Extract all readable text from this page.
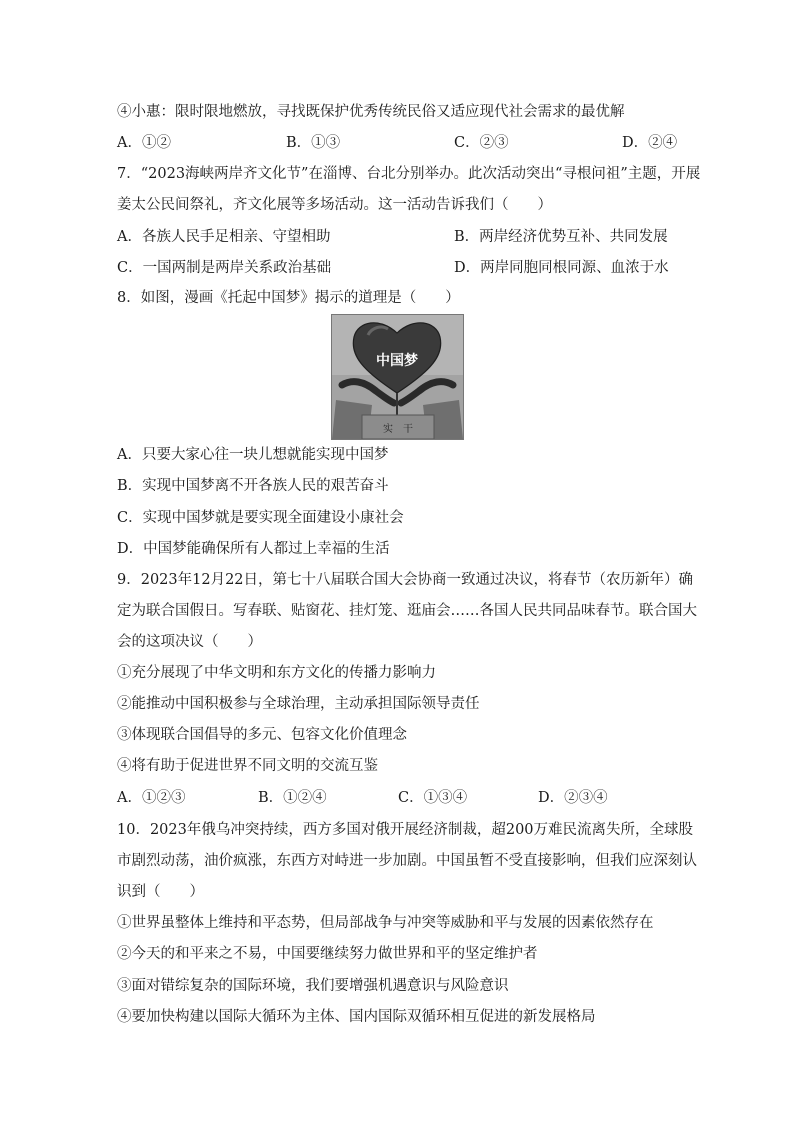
④小惠：限时限地燃放，寻找既保护优秀传统民俗又适应现代社会需求的最优解
A．①②	B．①③	C．②③	D．②④
7．“2023海峡两岸齐文化节”在淄博、台北分别举办。此次活动突出“寻根问祖”主题，开展
姜太公民间祭礼，齐文化展等多场活动。这一活动告诉我们（　　）
A．各族人民手足相亲、守望相助	B．两岸经济优势互补、共同发展
C．一国两制是两岸关系政治基础	D．两岸同胞同根同源、血浓于水
8．如图，漫画《托起中国梦》揭示的道理是（　　）
中国梦
实　干
A．只要大家心往一块儿想就能实现中国梦
B．实现中国梦离不开各族人民的艰苦奋斗
C．实现中国梦就是要实现全面建设小康社会
D．中国梦能确保所有人都过上幸福的生活
9．2023年12月22日，第七十八届联合国大会协商一致通过决议，将春节（农历新年）确
定为联合国假日。写春联、贴窗花、挂灯笼、逛庙会……各国人民共同品味春节。联合国大
会的这项决议（　　）
①充分展现了中华文明和东方文化的传播力影响力
②能推动中国积极参与全球治理，主动承担国际领导责任
③体现联合国倡导的多元、包容文化价值理念
④将有助于促进世界不同文明的交流互鉴
A．①②③	B．①②④	C．①③④	D．②③④
10．2023年俄乌冲突持续，西方多国对俄开展经济制裁，超200万难民流离失所，全球股
市剧烈动荡，油价疯涨，东西方对峙进一步加剧。中国虽暂不受直接影响，但我们应深刻认
识到（　　）
①世界虽整体上维持和平态势，但局部战争与冲突等威胁和平与发展的因素依然存在
②今天的和平来之不易，中国要继续努力做世界和平的坚定维护者
③面对错综复杂的国际环境，我们要增强机遇意识与风险意识
④要加快构建以国际大循环为主体、国内国际双循环相互促进的新发展格局
